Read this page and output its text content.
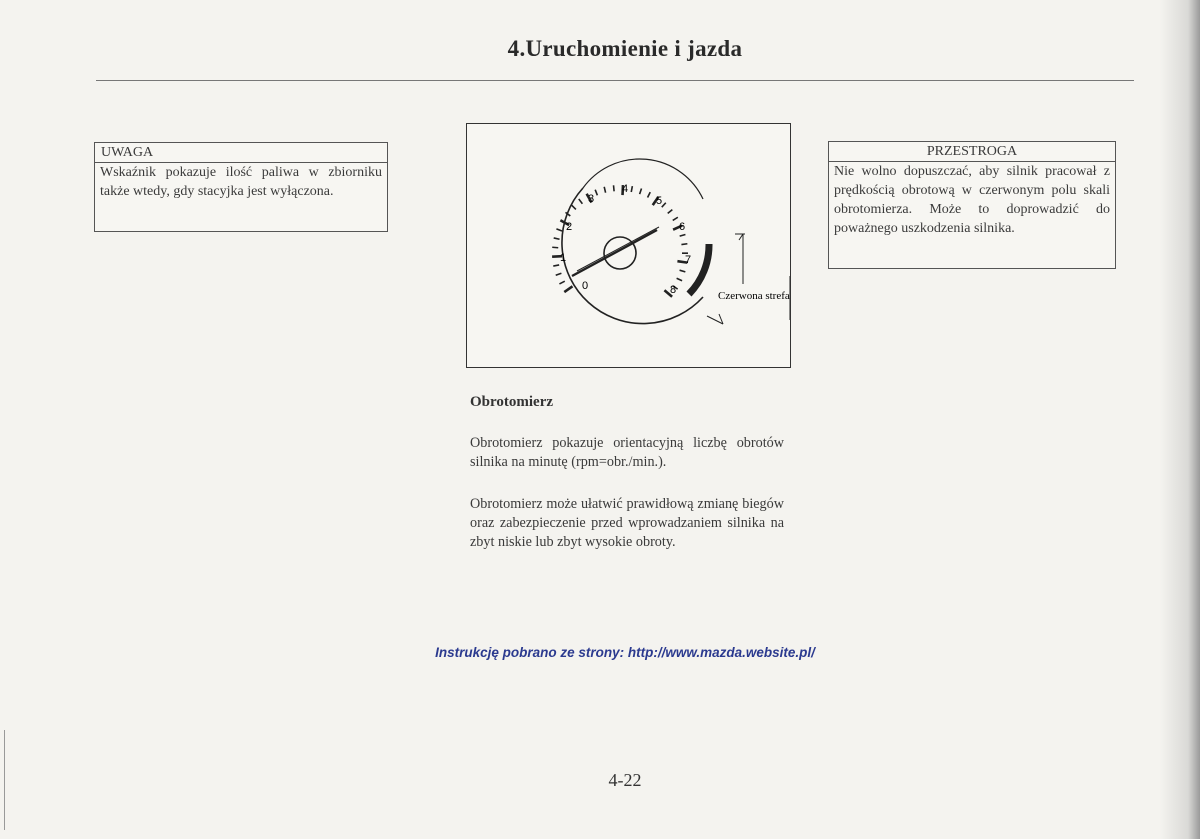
4.Uruchomienie i jazda
UWAGA
Wskaźnik pokazuje ilość paliwa w zbiorniku także wtedy, gdy stacyjka jest wyłączona.
0
1
2
3
4
5
6
7
8	Czerwona strefa
PRZESTROGA
Nie wolno dopuszczać, aby silnik pracował z prędkością obrotową w czerwonym polu skali obrotomierza. Może to doprowadzić do poważnego uszkodzenia silnika.
Obrotomierz
Obrotomierz pokazuje orientacyjną liczbę obrotów silnika na minutę (rpm=obr./min.).
Obrotomierz może ułatwić prawidłową zmianę biegów oraz zabezpieczenie przed wprowadzaniem silnika na zbyt niskie lub zbyt wysokie obroty.
Instrukcję pobrano ze strony: http://www.mazda.website.pl/
4-22
